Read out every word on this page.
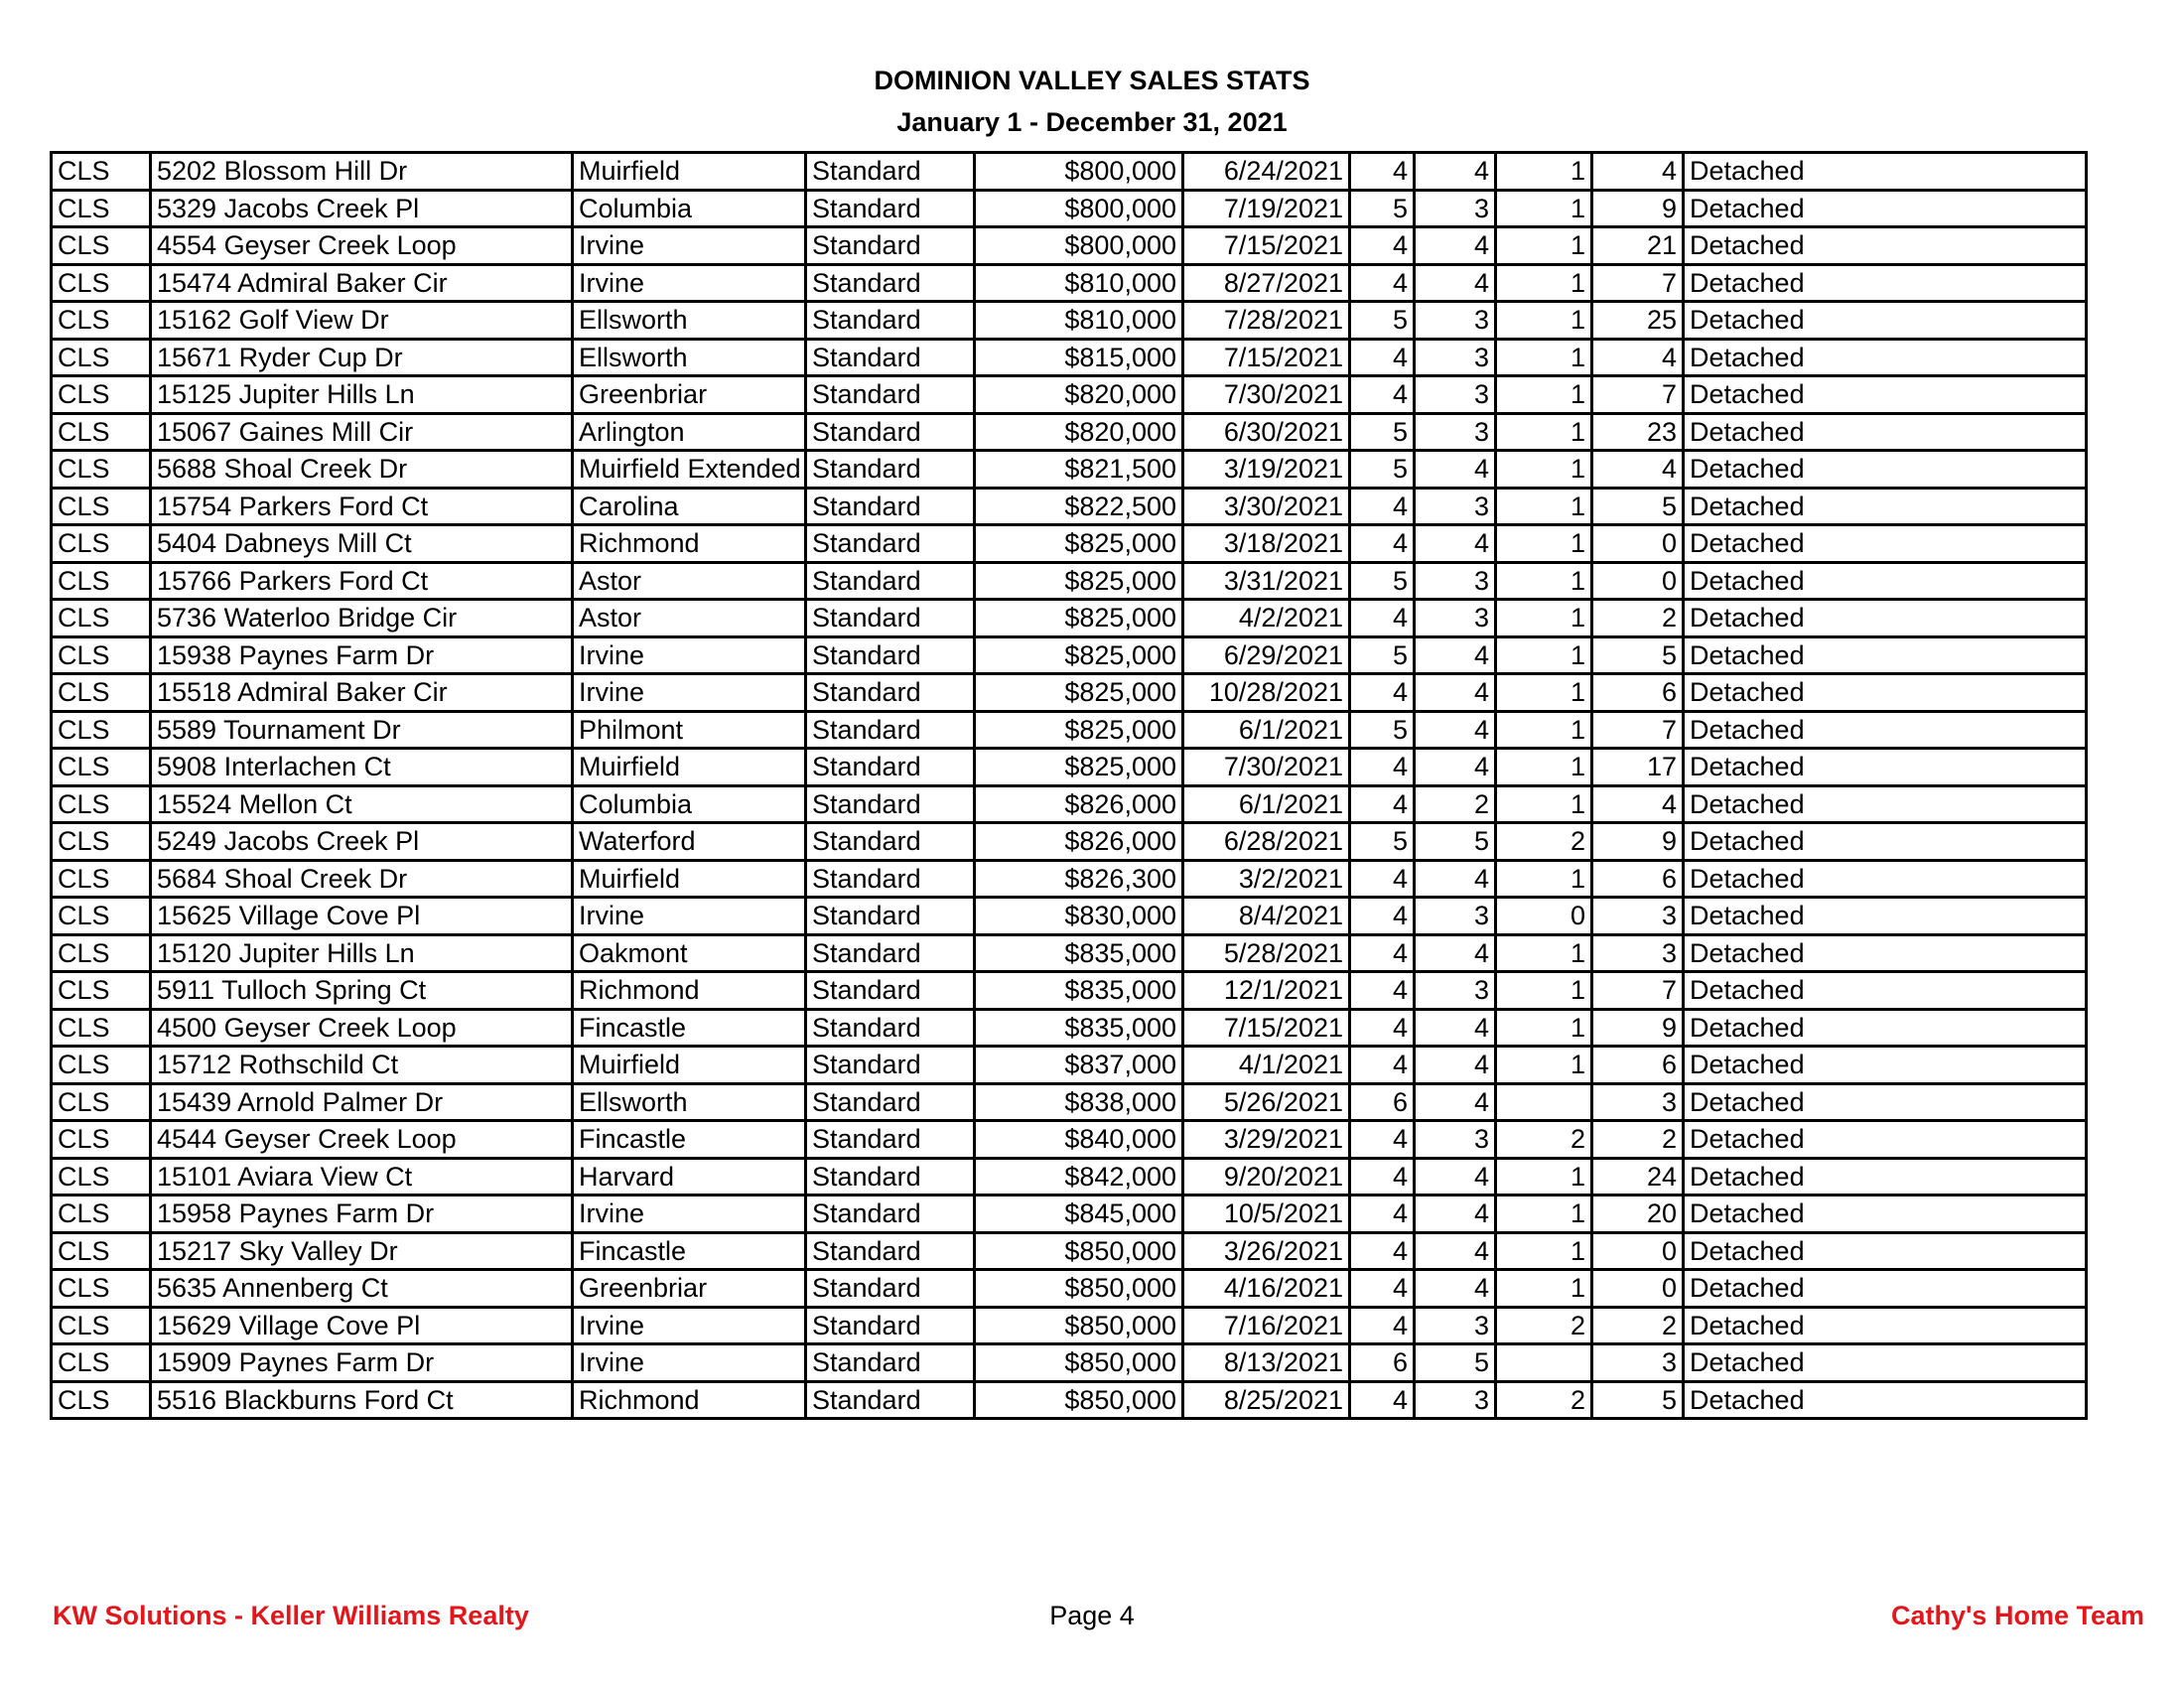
DOMINION VALLEY SALES STATS
January 1 - December 31, 2021
CLS	5202 Blossom Hill Dr	Muirfield	Standard	$800,000	6/24/2021	4	4	1	4	Detached
CLS	5329 Jacobs Creek Pl	Columbia	Standard	$800,000	7/19/2021	5	3	1	9	Detached
CLS	4554 Geyser Creek Loop	Irvine	Standard	$800,000	7/15/2021	4	4	1	21	Detached
CLS	15474 Admiral Baker Cir	Irvine	Standard	$810,000	8/27/2021	4	4	1	7	Detached
CLS	15162 Golf View Dr	Ellsworth	Standard	$810,000	7/28/2021	5	3	1	25	Detached
CLS	15671 Ryder Cup Dr	Ellsworth	Standard	$815,000	7/15/2021	4	3	1	4	Detached
CLS	15125 Jupiter Hills Ln	Greenbriar	Standard	$820,000	7/30/2021	4	3	1	7	Detached
CLS	15067 Gaines Mill Cir	Arlington	Standard	$820,000	6/30/2021	5	3	1	23	Detached
CLS	5688 Shoal Creek Dr	Muirfield Extended	Standard	$821,500	3/19/2021	5	4	1	4	Detached
CLS	15754 Parkers Ford Ct	Carolina	Standard	$822,500	3/30/2021	4	3	1	5	Detached
CLS	5404 Dabneys Mill Ct	Richmond	Standard	$825,000	3/18/2021	4	4	1	0	Detached
CLS	15766 Parkers Ford Ct	Astor	Standard	$825,000	3/31/2021	5	3	1	0	Detached
CLS	5736 Waterloo Bridge Cir	Astor	Standard	$825,000	4/2/2021	4	3	1	2	Detached
CLS	15938 Paynes Farm Dr	Irvine	Standard	$825,000	6/29/2021	5	4	1	5	Detached
CLS	15518 Admiral Baker Cir	Irvine	Standard	$825,000	10/28/2021	4	4	1	6	Detached
CLS	5589 Tournament Dr	Philmont	Standard	$825,000	6/1/2021	5	4	1	7	Detached
CLS	5908 Interlachen Ct	Muirfield	Standard	$825,000	7/30/2021	4	4	1	17	Detached
CLS	15524 Mellon Ct	Columbia	Standard	$826,000	6/1/2021	4	2	1	4	Detached
CLS	5249 Jacobs Creek Pl	Waterford	Standard	$826,000	6/28/2021	5	5	2	9	Detached
CLS	5684 Shoal Creek Dr	Muirfield	Standard	$826,300	3/2/2021	4	4	1	6	Detached
CLS	15625 Village Cove Pl	Irvine	Standard	$830,000	8/4/2021	4	3	0	3	Detached
CLS	15120 Jupiter Hills Ln	Oakmont	Standard	$835,000	5/28/2021	4	4	1	3	Detached
CLS	5911 Tulloch Spring Ct	Richmond	Standard	$835,000	12/1/2021	4	3	1	7	Detached
CLS	4500 Geyser Creek Loop	Fincastle	Standard	$835,000	7/15/2021	4	4	1	9	Detached
CLS	15712 Rothschild Ct	Muirfield	Standard	$837,000	4/1/2021	4	4	1	6	Detached
CLS	15439 Arnold Palmer Dr	Ellsworth	Standard	$838,000	5/26/2021	6	4		3	Detached
CLS	4544 Geyser Creek Loop	Fincastle	Standard	$840,000	3/29/2021	4	3	2	2	Detached
CLS	15101 Aviara View Ct	Harvard	Standard	$842,000	9/20/2021	4	4	1	24	Detached
CLS	15958 Paynes Farm Dr	Irvine	Standard	$845,000	10/5/2021	4	4	1	20	Detached
CLS	15217 Sky Valley Dr	Fincastle	Standard	$850,000	3/26/2021	4	4	1	0	Detached
CLS	5635 Annenberg Ct	Greenbriar	Standard	$850,000	4/16/2021	4	4	1	0	Detached
CLS	15629 Village Cove Pl	Irvine	Standard	$850,000	7/16/2021	4	3	2	2	Detached
CLS	15909 Paynes Farm Dr	Irvine	Standard	$850,000	8/13/2021	6	5		3	Detached
CLS	5516 Blackburns Ford Ct	Richmond	Standard	$850,000	8/25/2021	4	3	2	5	Detached
KW Solutions - Keller Williams Realty	Page 4	Cathy's Home Team
